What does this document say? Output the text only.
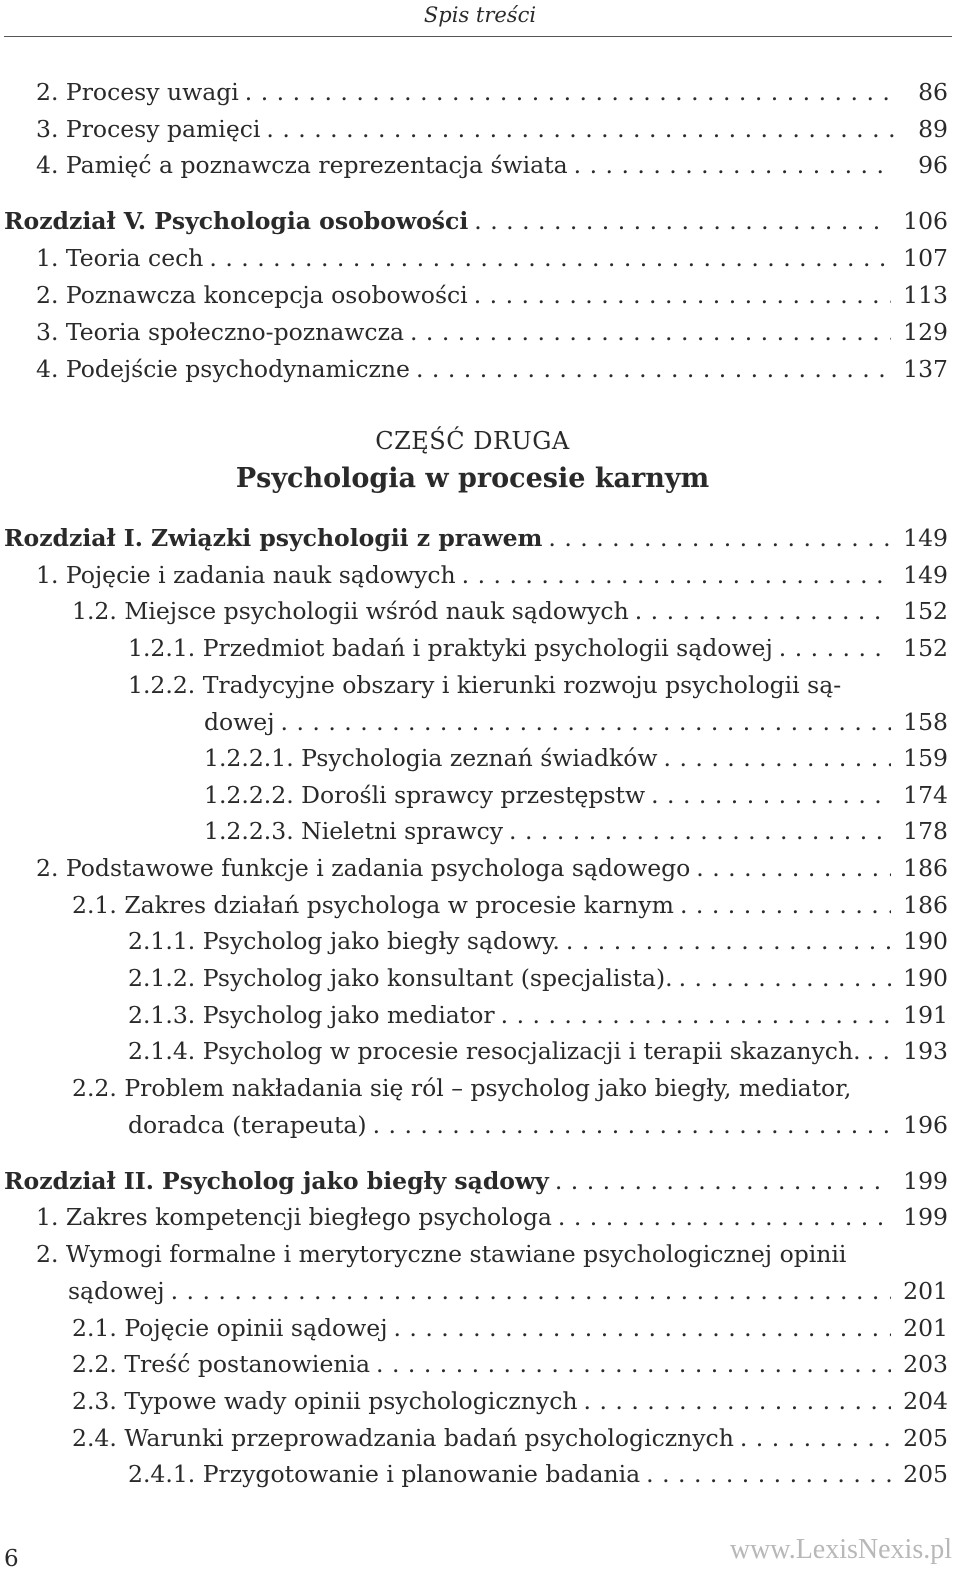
Spis treści
2. Procesy uwagi . . .	86
3. Procesy pamięci . . .	89
4. Pamięć a poznawcza reprezentacja świata . . .	96
Rozdział V. Psychologia osobowości . . .	106
1. Teoria cech . . .	107
2. Poznawcza koncepcja osobowości . . .	113
3. Teoria społeczno-poznawcza . . .	129
4. Podejście psychodynamiczne . . .	137
CZĘŚĆ DRUGA
Psychologia w procesie karnym
Rozdział I. Związki psychologii z prawem . . .	149
1. Pojęcie i zadania nauk sądowych . . .	149
1.2. Miejsce psychologii wśród nauk sądowych . . .	152
1.2.1. Przedmiot badań i praktyki psychologii sądowej . . .	152
1.2.2. Tradycyjne obszary i kierunki rozwoju psychologii są-
dowej . . .	158
1.2.2.1. Psychologia zeznań świadków . . .	159
1.2.2.2. Dorośli sprawcy przestępstw . . .	174
1.2.2.3. Nieletni sprawcy . . .	178
2. Podstawowe funkcje i zadania psychologa sądowego . . .	186
2.1. Zakres działań psychologa w procesie karnym . . .	186
2.1.1. Psycholog jako biegły sądowy. . . .	190
2.1.2. Psycholog jako konsultant (specjalista). . . .	190
2.1.3. Psycholog jako mediator . . .	191
2.1.4. Psycholog w procesie resocjalizacji i terapii skazanych. . . . 193
2.2. Problem nakładania się ról – psycholog jako biegły, mediator,
doradca (terapeuta) . . .	196
Rozdział II. Psycholog jako biegły sądowy . . .	199
1. Zakres kompetencji biegłego psychologa . . .	199
2. Wymogi formalne i merytoryczne stawiane psychologicznej opinii
sądowej . . .	201
2.1. Pojęcie opinii sądowej . . .	201
2.2. Treść postanowienia . . .	203
2.3. Typowe wady opinii psychologicznych . . .	204
2.4. Warunki przeprowadzania badań psychologicznych . . .	205
2.4.1. Przygotowanie i planowanie badania . . .	205
6	www.LexisNexis.pl
